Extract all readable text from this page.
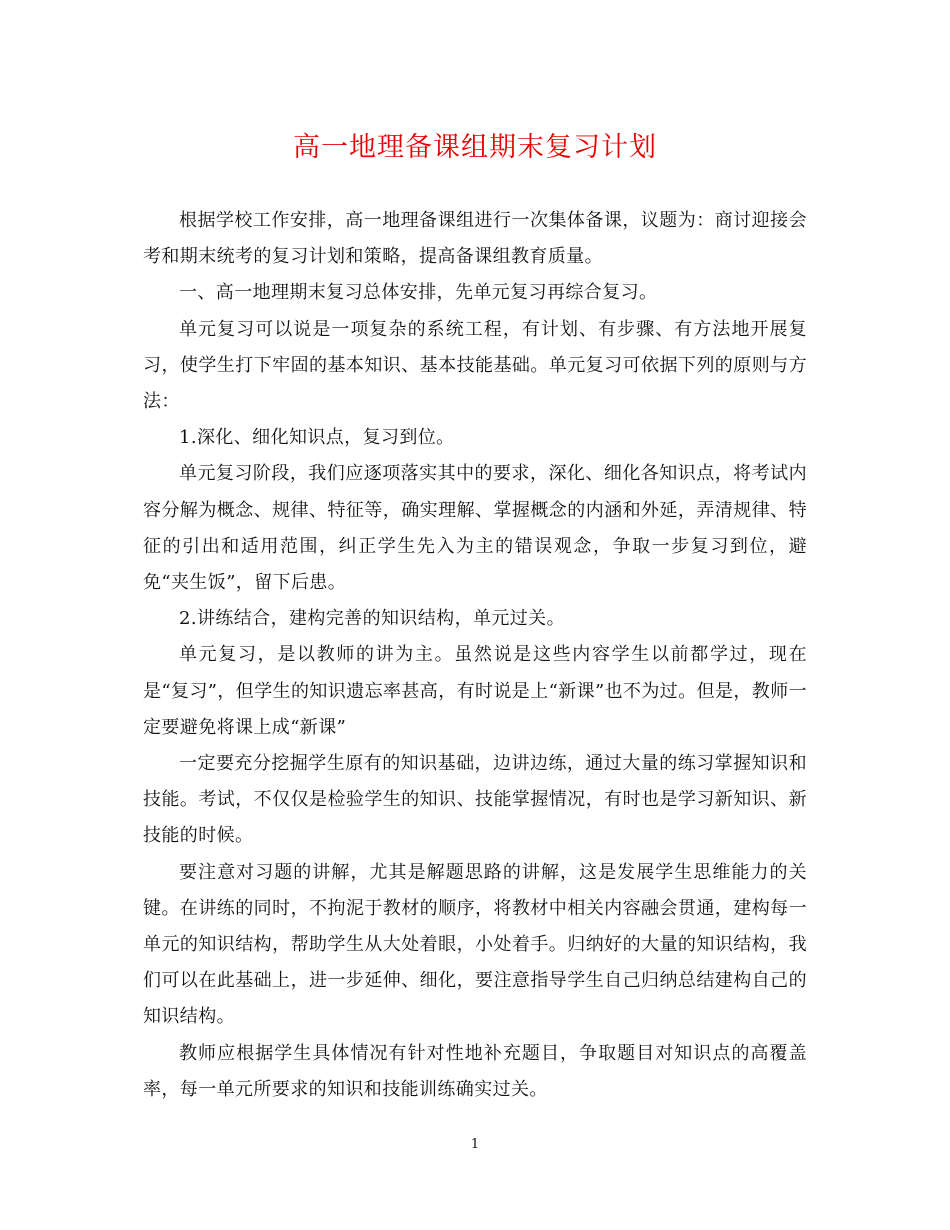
高一地理备课组期末复习计划

根据学校工作安排，高一地理备课组进行一次集体备课，议题为：商讨迎接会考和期末统考的复习计划和策略，提高备课组教育质量。

一、高一地理期末复习总体安排，先单元复习再综合复习。

单元复习可以说是一项复杂的系统工程，有计划、有步骤、有方法地开展复习，使学生打下牢固的基本知识、基本技能基础。单元复习可依据下列的原则与方法：

1.深化、细化知识点，复习到位。

单元复习阶段，我们应逐项落实其中的要求，深化、细化各知识点，将考试内容分解为概念、规律、特征等，确实理解、掌握概念的内涵和外延，弄清规律、特征的引出和适用范围，纠正学生先入为主的错误观念，争取一步复习到位，避免“夹生饭”，留下后患。

2.讲练结合，建构完善的知识结构，单元过关。

单元复习，是以教师的讲为主。虽然说是这些内容学生以前都学过，现在是“复习”，但学生的知识遗忘率甚高，有时说是上“新课”也不为过。但是，教师一定要避免将课上成“新课”

一定要充分挖掘学生原有的知识基础，边讲边练，通过大量的练习掌握知识和技能。考试，不仅仅是检验学生的知识、技能掌握情况，有时也是学习新知识、新技能的时候。

要注意对习题的讲解，尤其是解题思路的讲解，这是发展学生思维能力的关键。在讲练的同时，不拘泥于教材的顺序，将教材中相关内容融会贯通，建构每一单元的知识结构，帮助学生从大处着眼，小处着手。归纳好的大量的知识结构，我们可以在此基础上，进一步延伸、细化，要注意指导学生自己归纳总结建构自己的知识结构。

教师应根据学生具体情况有针对性地补充题目，争取题目对知识点的高覆盖率，每一单元所要求的知识和技能训练确实过关。

1
